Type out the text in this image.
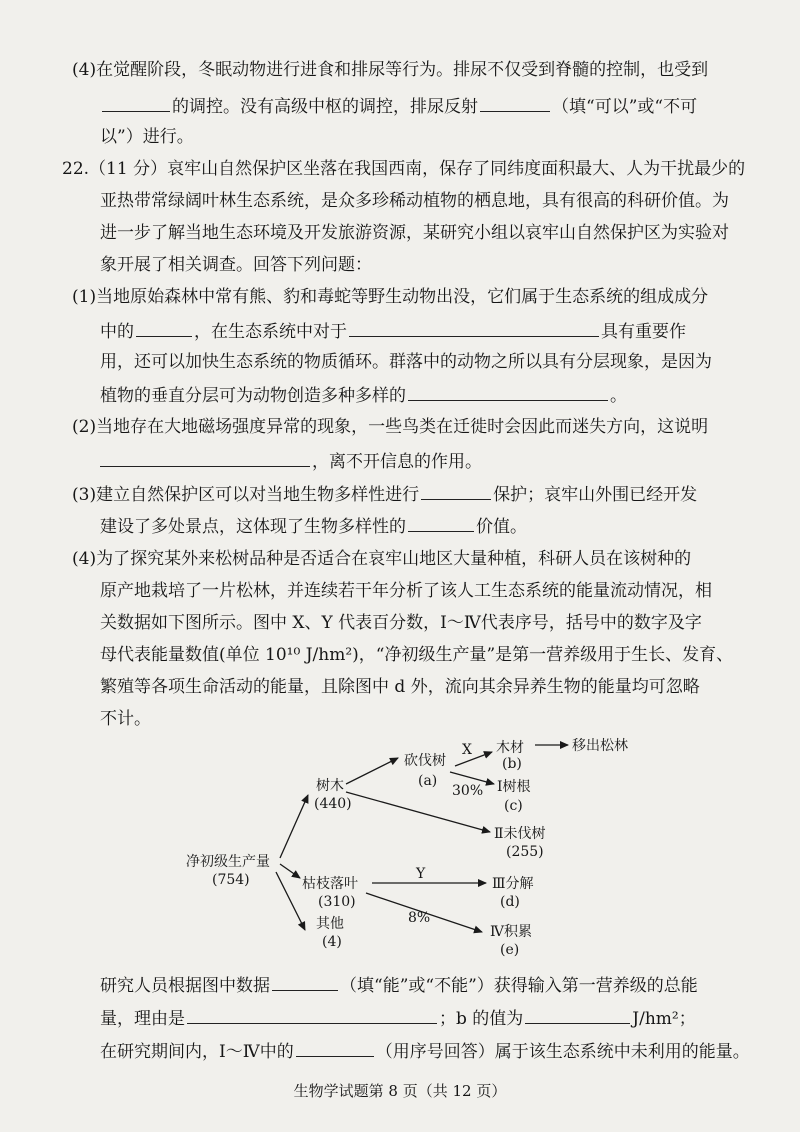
(4)在觉醒阶段，冬眠动物进行进食和排尿等行为。排尿不仅受到脊髓的控制，也受到
的调控。没有高级中枢的调控，排尿反射	（填“可以”或“不可
以”）进行。
22.（11 分）哀牢山自然保护区坐落在我国西南，保存了同纬度面积最大、人为干扰最少的
亚热带常绿阔叶林生态系统，是众多珍稀动植物的栖息地，具有很高的科研价值。为
进一步了解当地生态环境及开发旅游资源，某研究小组以哀牢山自然保护区为实验对
象开展了相关调查。回答下列问题：
(1)当地原始森林中常有熊、豹和毒蛇等野生动物出没，它们属于生态系统的组成成分
中的	，在生态系统中对于	具有重要作
用，还可以加快生态系统的物质循环。群落中的动物之所以具有分层现象，是因为
植物的垂直分层可为动物创造多种多样的	。
(2)当地存在大地磁场强度异常的现象，一些鸟类在迁徙时会因此而迷失方向，这说明
，离不开信息的作用。
(3)建立自然保护区可以对当地生物多样性进行	保护；哀牢山外围已经开发
建设了多处景点，这体现了生物多样性的	价值。
(4)为了探究某外来松树品种是否适合在哀牢山地区大量种植，科研人员在该树种的
原产地栽培了一片松林，并连续若干年分析了该人工生态系统的能量流动情况，相
关数据如下图所示。图中 X、Y 代表百分数，Ⅰ～Ⅳ代表序号，括号中的数字及字
母代表能量数值(单位 10¹⁰ J/hm²)，“净初级生产量”是第一营养级用于生长、发育、
繁殖等各项生命活动的能量，且除图中 d 外，流向其余异养生物的能量均可忽略
不计。
净初级生产量
(754)
树木
(440)
枯枝落叶
(310)
其他
(4)
砍伐树
(a)
木材
(b)
移出松林
Ⅰ树根
(c)
Ⅱ未伐树
(255)
Ⅲ分解
(d)
Ⅳ积累
(e)
X
Y
30%
8%
研究人员根据图中数据	（填“能”或“不能”）获得输入第一营养级的总能
量，理由是	；b 的值为	J/hm²；
在研究期间内，Ⅰ～Ⅳ中的	（用序号回答）属于该生态系统中未利用的能量。
生物学试题第 8 页（共 12 页）
